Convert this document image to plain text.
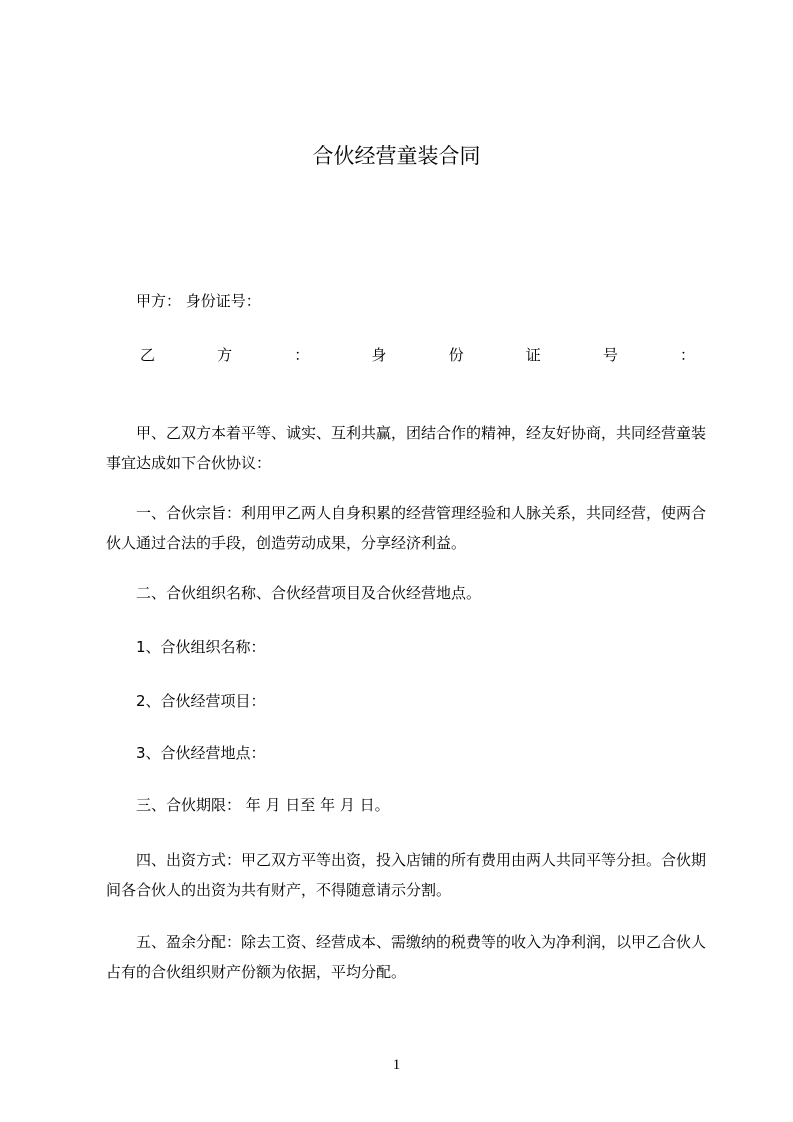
合伙经营童装合同

甲方： 身份证号：

乙	方	：	身	份	证	号	：

甲、乙双方本着平等、诚实、互利共赢，团结合作的精神，经友好协商，共同经营童装事宜达成如下合伙协议：

一、合伙宗旨：利用甲乙两人自身积累的经营管理经验和人脉关系，共同经营，使两合伙人通过合法的手段，创造劳动成果，分享经济利益。

二、合伙组织名称、合伙经营项目及合伙经营地点。

1、合伙组织名称：

2、合伙经营项目：

3、合伙经营地点：

三、合伙期限： 年 月 日至 年 月 日。

四、出资方式：甲乙双方平等出资，投入店铺的所有费用由两人共同平等分担。合伙期间各合伙人的出资为共有财产，不得随意请示分割。

五、盈余分配：除去工资、经营成本、需缴纳的税费等的收入为净利润，以甲乙合伙人占有的合伙组织财产份额为依据，平均分配。

1
